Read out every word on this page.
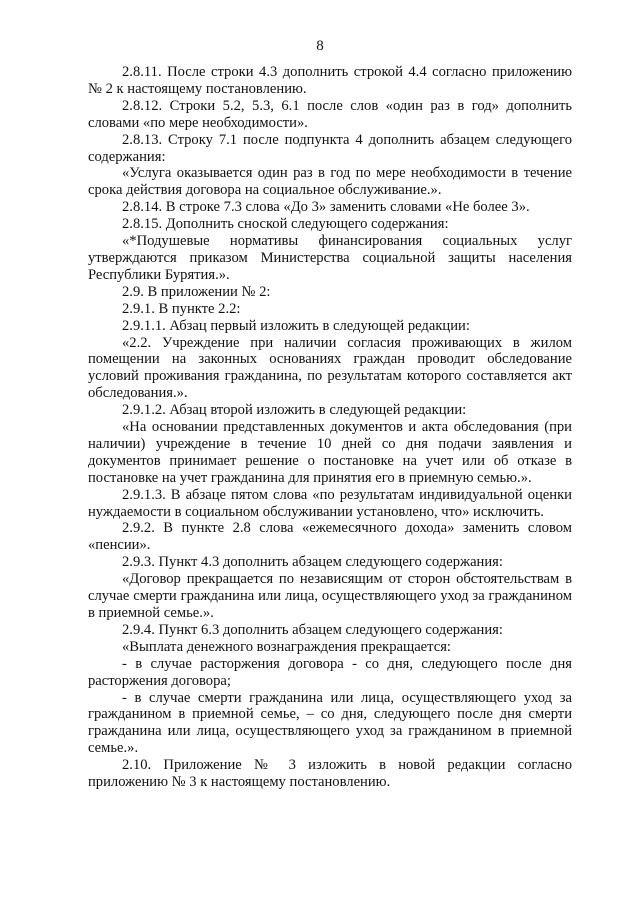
8

2.8.11. После строки 4.3 дополнить строкой 4.4 согласно приложению № 2 к настоящему постановлению.

2.8.12. Строки 5.2, 5.3, 6.1 после слов «один раз в год» дополнить словами «по мере необходимости».

2.8.13. Строку 7.1 после подпункта 4 дополнить абзацем следующего содержания:

«Услуга оказывается один раз в год по мере необходимости в течение срока действия договора на социальное обслуживание.».

2.8.14. В строке 7.3 слова «До 3» заменить словами «Не более 3».

2.8.15. Дополнить сноской следующего содержания:

«*Подушевые нормативы финансирования социальных услуг утверждаются приказом Министерства социальной защиты населения Республики Бурятия.».

2.9. В приложении № 2:

2.9.1. В пункте 2.2:

2.9.1.1. Абзац первый изложить в следующей редакции:

«2.2. Учреждение при наличии согласия проживающих в жилом помещении на законных основаниях граждан проводит обследование условий проживания гражданина, по результатам которого составляется акт обследования.».

2.9.1.2. Абзац второй изложить в следующей редакции:

«На основании представленных документов и акта обследования (при наличии) учреждение в течение 10 дней со дня подачи заявления и документов принимает решение о постановке на учет или об отказе в постановке на учет гражданина для принятия его в приемную семью.».

2.9.1.3. В абзаце пятом слова «по результатам индивидуальной оценки нуждаемости в социальном обслуживании установлено, что» исключить.

2.9.2. В пункте 2.8 слова «ежемесячного дохода» заменить словом «пенсии».

2.9.3. Пункт 4.3 дополнить абзацем следующего содержания:

«Договор прекращается по независящим от сторон обстоятельствам в случае смерти гражданина или лица, осуществляющего уход за гражданином в приемной семье.».

2.9.4. Пункт 6.3 дополнить абзацем следующего содержания:

«Выплата денежного вознаграждения прекращается:

- в случае расторжения договора - со дня, следующего после дня расторжения договора;

- в случае смерти гражданина или лица, осуществляющего уход за гражданином в приемной семье, – со дня, следующего после дня смерти гражданина или лица, осуществляющего уход за гражданином в приемной семье.».

2.10. Приложение № 3 изложить в новой редакции согласно приложению № 3 к настоящему постановлению.
